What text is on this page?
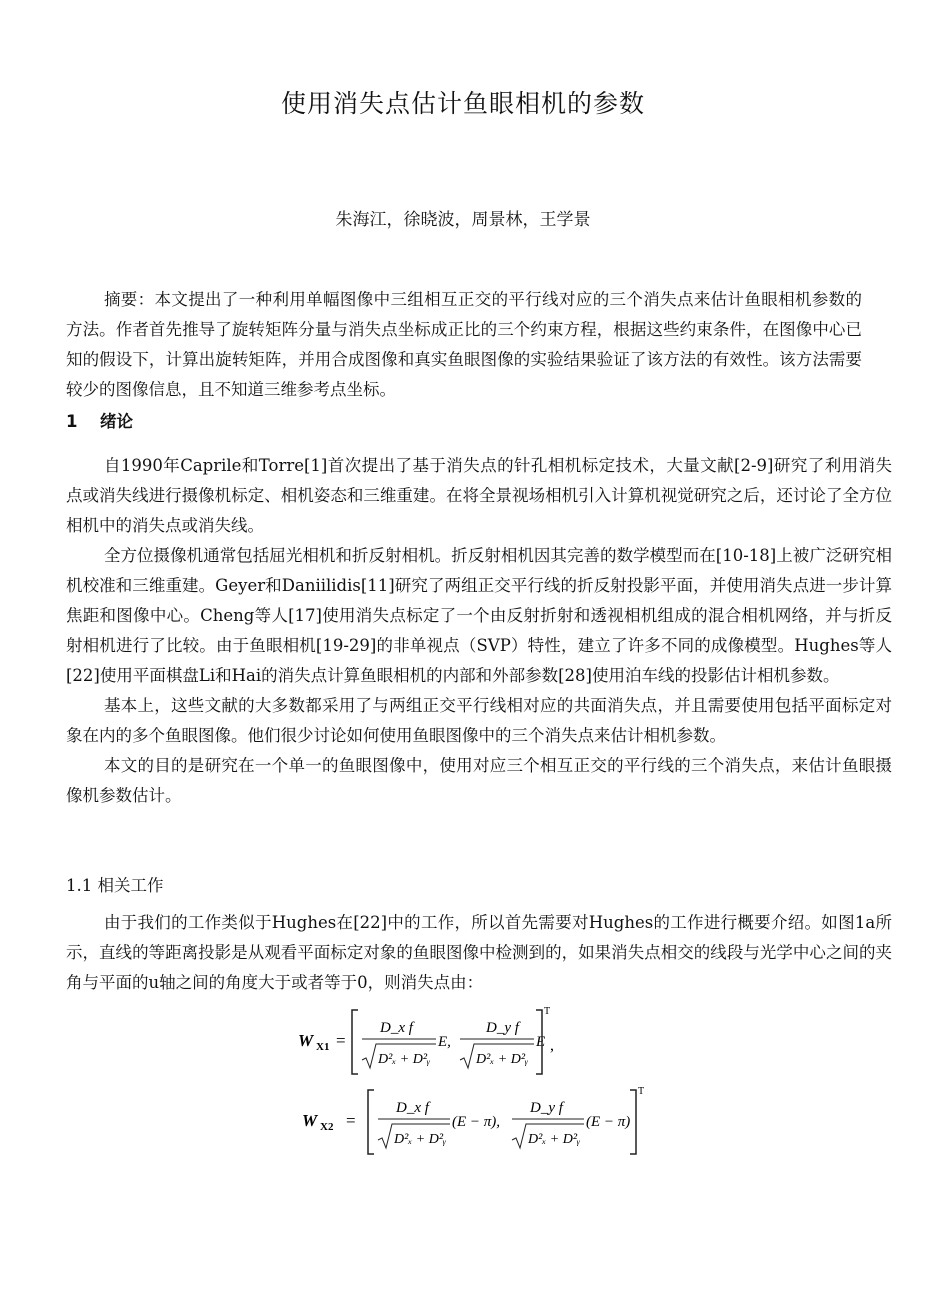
使用消失点估计鱼眼相机的参数
朱海江，徐晓波，周景林，王学景

摘要：本文提出了一种利用单幅图像中三组相互正交的平行线对应的三个消失点来估计鱼眼相机参数的方法。作者首先推导了旋转矩阵分量与消失点坐标成正比的三个约束方程，根据这些约束条件，在图像中心已知的假设下，计算出旋转矩阵，并用合成图像和真实鱼眼图像的实验结果验证了该方法的有效性。该方法需要较少的图像信息，且不知道三维参考点坐标。

1 绪论

自1990年Caprile和Torre[1]首次提出了基于消失点的针孔相机标定技术，大量文献[2-9]研究了利用消失点或消失线进行摄像机标定、相机姿态和三维重建。在将全景视场相机引入计算机视觉研究之后，还讨论了全方位相机中的消失点或消失线。

全方位摄像机通常包括屈光相机和折反射相机。折反射相机因其完善的数学模型而在[10-18]上被广泛研究相机校准和三维重建。Geyer和Daniilidis[11]研究了两组正交平行线的折反射投影平面，并使用消失点进一步计算焦距和图像中心。Cheng等人[17]使用消失点标定了一个由反射折射和透视相机组成的混合相机网络，并与折反射相机进行了比较。由于鱼眼相机[19-29]的非单视点（SVP）特性，建立了许多不同的成像模型。Hughes等人[22]使用平面棋盘Li和Hai的消失点计算鱼眼相机的内部和外部参数[28]使用泊车线的投影估计相机参数。

基本上，这些文献的大多数都采用了与两组正交平行线相对应的共面消失点，并且需要使用包括平面标定对象在内的多个鱼眼图像。他们很少讨论如何使用鱼眼图像中的三个消失点来估计相机参数。

本文的目的是研究在一个单一的鱼眼图像中，使用对应三个相互正交的平行线的三个消失点，来估计鱼眼摄像机参数估计。

1.1 相关工作

由于我们的工作类似于Hughes在[22]中的工作，所以首先需要对Hughes的工作进行概要介绍。如图1a所示，直线的等距离投影是从观看平面标定对象的鱼眼图像中检测到的，如果消失点相交的线段与光学中心之间的夹角与平面的u轴之间的角度大于或者等于0，则消失点由：

W X1 =
D_x f
D²ₓ + D²ᵧ
E,
D_y f
D²ₓ + D²ᵧ
E
T
,
W X2 =
D_x f
D²ₓ + D²ᵧ
(E − π),
D_y f
D²ₓ + D²ᵧ
(E − π)
T
